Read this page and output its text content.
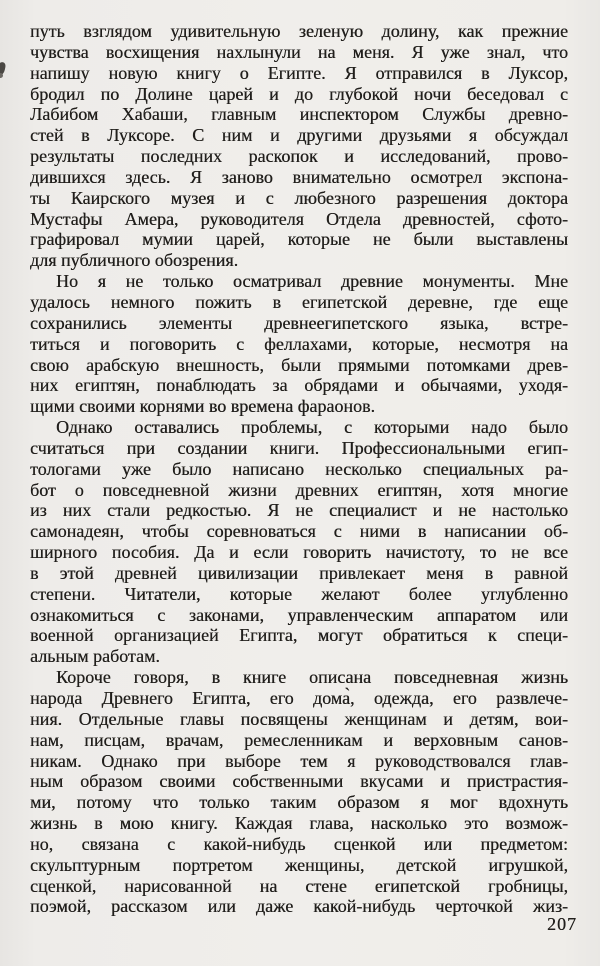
путь взглядом удивительную зеленую долину, как прежние
чувства восхищения нахлынули на меня. Я уже знал, что
напишу новую книгу о Египте. Я отправился в Луксор,
бродил по Долине царей и до глубокой ночи беседовал с
Лабибом Хабаши, главным инспектором Службы древно-
стей в Луксоре. С ним и другими друзьями я обсуждал
результаты последних раскопок и исследований, прово-
дившихся здесь. Я заново внимательно осмотрел экспона-
ты Каирского музея и с любезного разрешения доктора
Мустафы Амера, руководителя Отдела древностей, сфото-
графировал мумии царей, которые не были выставлены
для публичного обозрения.
Но я не только осматривал древние монументы. Мне
удалось немного пожить в египетской деревне, где еще
сохранились элементы древнеегипетского языка, встре-
титься и поговорить с феллахами, которые, несмотря на
свою арабскую внешность, были прямыми потомками древ-
них египтян, понаблюдать за обрядами и обычаями, уходя-
щими своими корнями во времена фараонов.
Однако оставались проблемы, с которыми надо было
считаться при создании книги. Профессиональными егип-
тологами уже было написано несколько специальных ра-
бот о повседневной жизни древних египтян, хотя многие
из них стали редкостью. Я не специалист и не настолько
самонадеян, чтобы соревноваться с ними в написании об-
ширного пособия. Да и если говорить начистоту, то не все
в этой древней цивилизации привлекает меня в равной
степени. Читатели, которые желают более углубленно
ознакомиться с законами, управленческим аппаратом или
военной организацией Египта, могут обратиться к специ-
альным работам.
Короче говоря, в книге описана повседневная жизнь
народа Древнего Египта, его дома̀, одежда, его развлече-
ния. Отдельные главы посвящены женщинам и детям, вои-
нам, писцам, врачам, ремесленникам и верховным санов-
никам. Однако при выборе тем я руководствовался глав-
ным образом своими собственными вкусами и пристрастия-
ми, потому что только таким образом я мог вдохнуть
жизнь в мою книгу. Каждая глава, насколько это возмож-
но, связана с какой-нибудь сценкой или предметом:
скульптурным портретом женщины, детской игрушкой,
сценкой, нарисованной на стене египетской гробницы,
поэмой, рассказом или даже какой-нибудь черточкой жиз-
207
